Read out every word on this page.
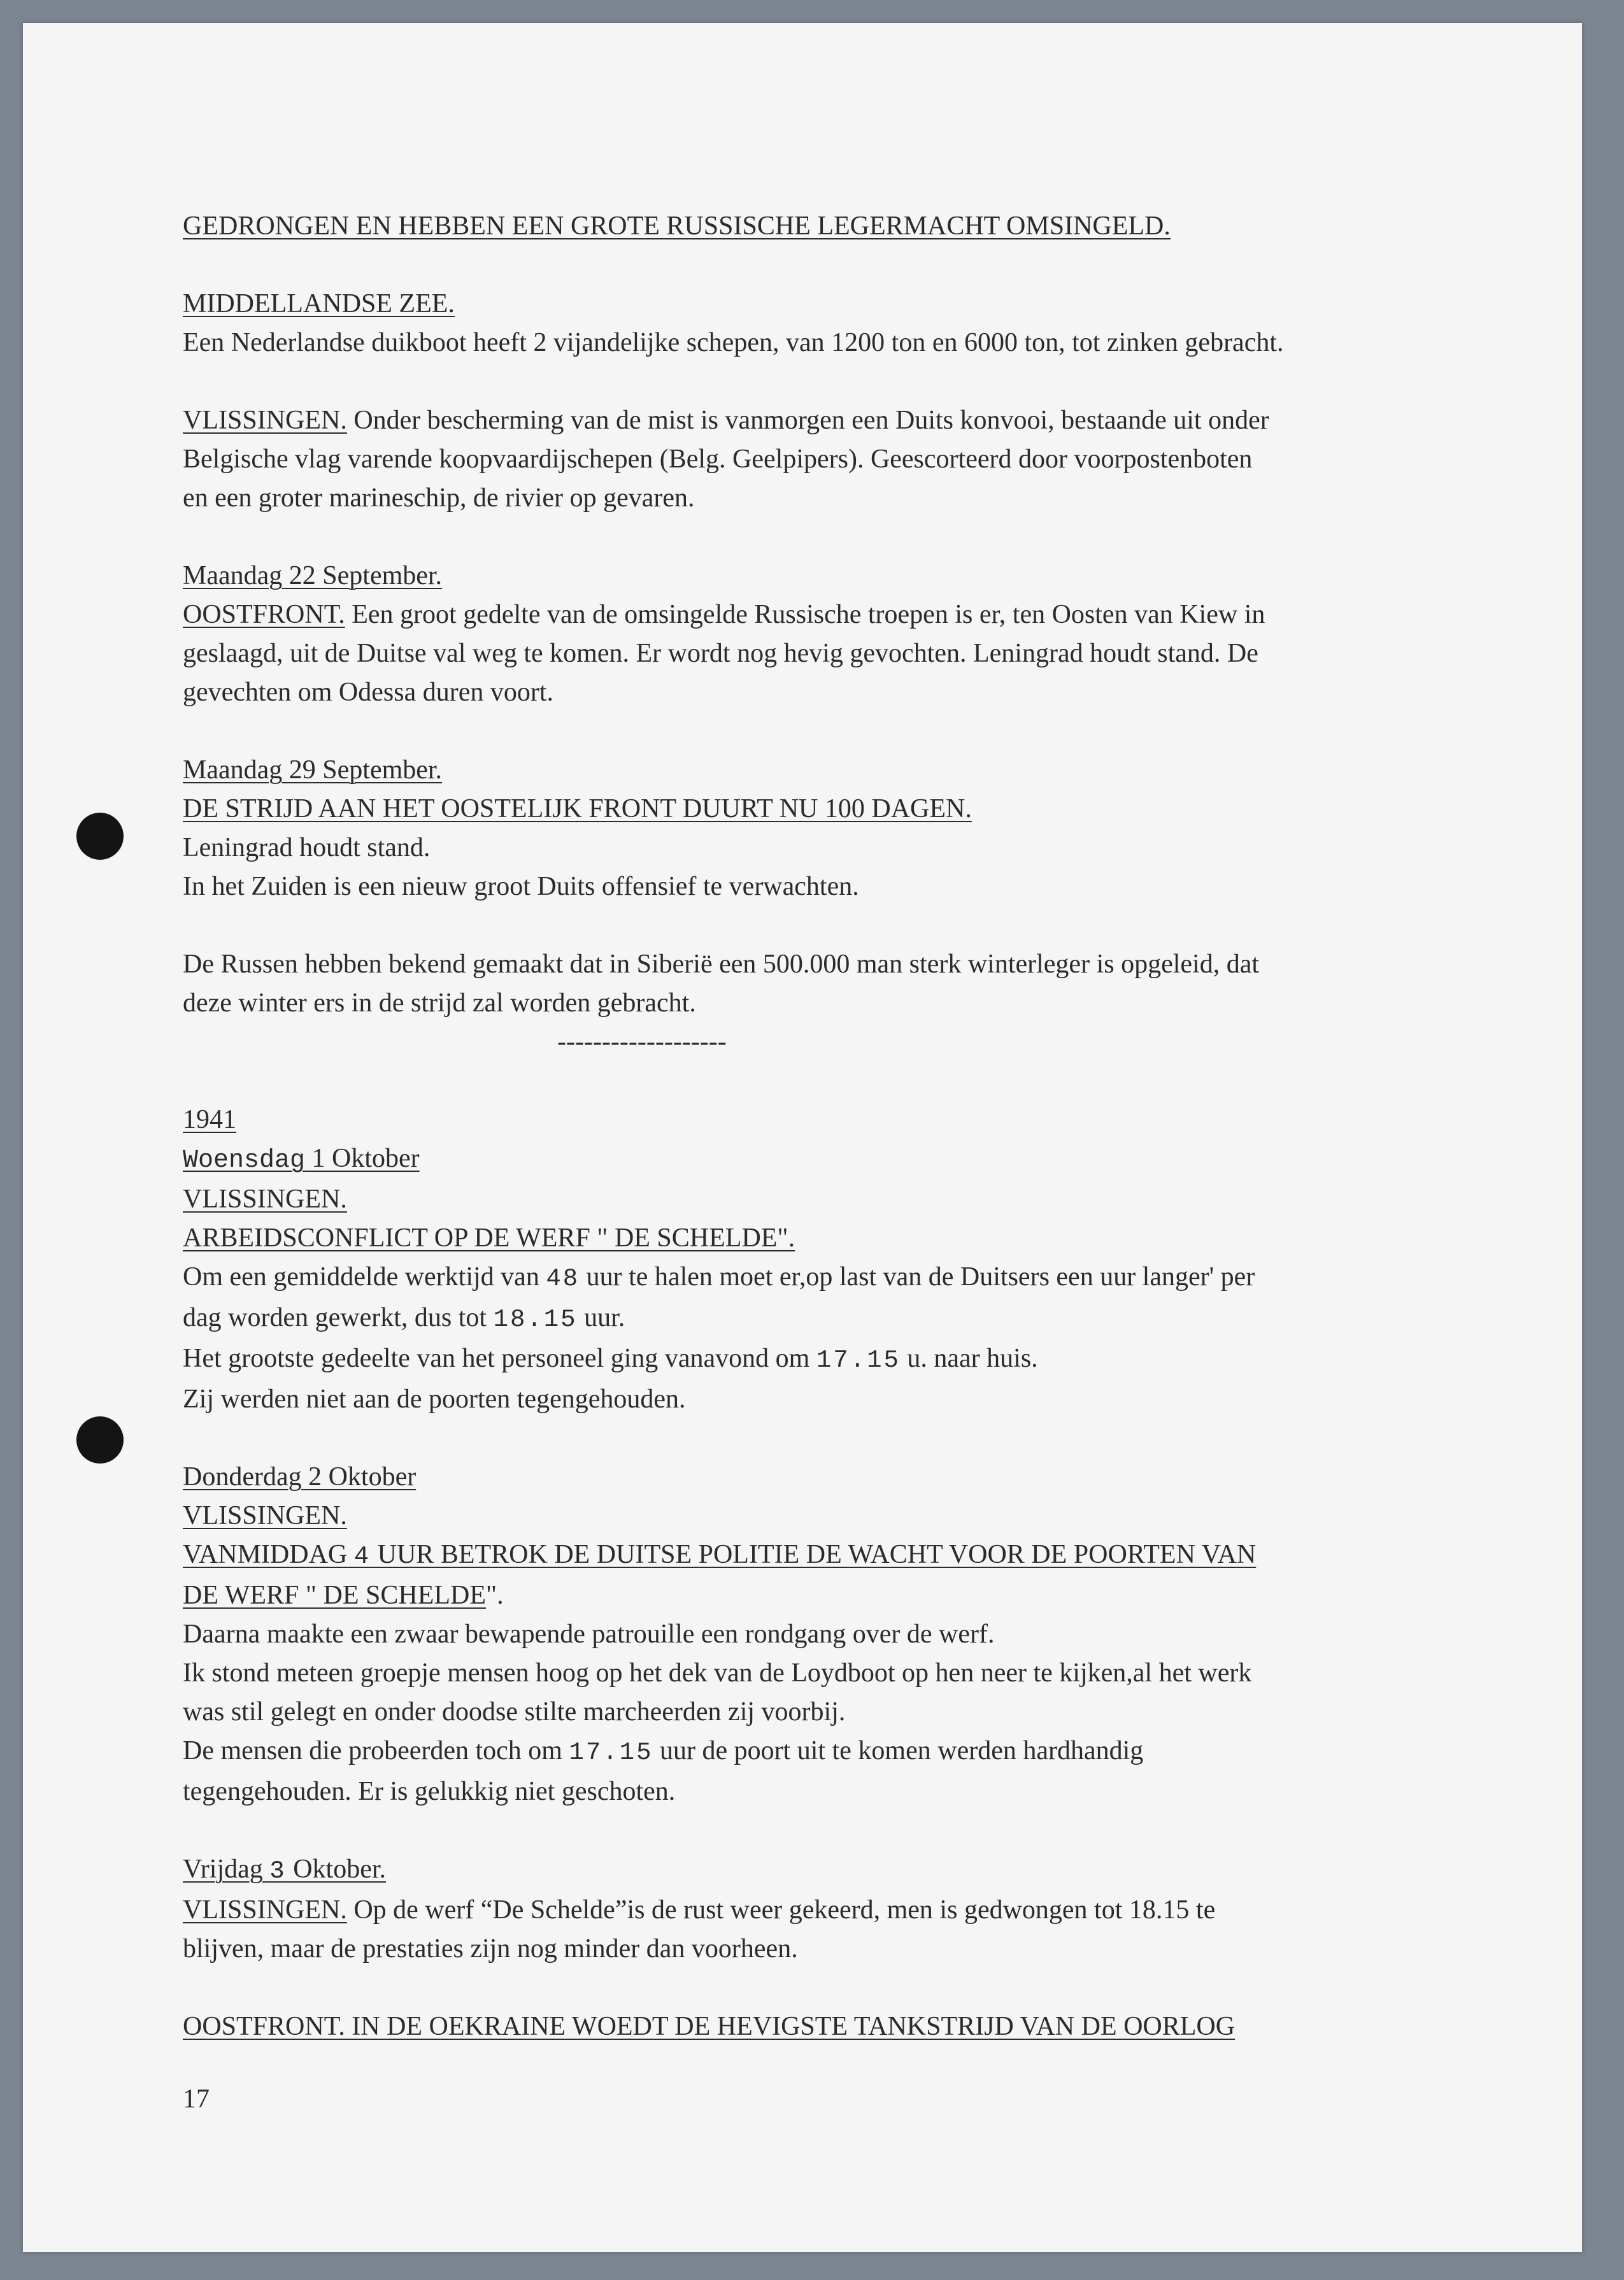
GEDRONGEN EN HEBBEN EEN GROTE RUSSISCHE LEGERMACHT OMSINGELD.

MIDDELLANDSE ZEE.

Een Nederlandse duikboot heeft 2 vijandelijke schepen, van 1200 ton en 6000 ton, tot zinken gebracht.

VLISSINGEN. Onder bescherming van de mist is vanmorgen een Duits konvooi, bestaande uit onder

Belgische vlag varende koopvaardijschepen (Belg. Geelpipers). Geescorteerd door voorpostenboten

en een groter marineschip, de rivier op gevaren.

Maandag 22 September.

OOSTFRONT. Een groot gedelte van de omsingelde Russische troepen is er, ten Oosten van Kiew in

geslaagd, uit de Duitse val weg te komen. Er wordt nog hevig gevochten. Leningrad houdt stand. De

gevechten om Odessa duren voort.

Maandag 29 September.

DE STRIJD AAN HET OOSTELIJK FRONT DUURT NU 100 DAGEN.

Leningrad houdt stand.

In het Zuiden is een nieuw groot Duits offensief te verwachten.

De Russen hebben bekend gemaakt dat in Siberië een 500.000 man sterk winterleger is opgeleid, dat

deze winter ers in de strijd zal worden gebracht.

-------------------

1941

Woensdag 1 Oktober

VLISSINGEN.

ARBEIDSCONFLICT OP DE WERF " DE SCHELDE".

Om een gemiddelde werktijd van 48 uur te halen moet er,op last van de Duitsers een uur langer' per

dag worden gewerkt, dus tot 18.15 uur.

Het grootste gedeelte van het personeel ging vanavond om 17.15 u. naar huis.

Zij werden niet aan de poorten tegengehouden.

Donderdag 2 Oktober

VLISSINGEN.

VANMIDDAG 4 UUR BETROK DE DUITSE POLITIE DE WACHT VOOR DE POORTEN VAN

DE WERF " DE SCHELDE".

Daarna maakte een zwaar bewapende patrouille een rondgang over de werf.

Ik stond meteen groepje mensen hoog op het dek van de Loydboot op hen neer te kijken,al het werk

was stil gelegt en onder doodse stilte marcheerden zij voorbij.

De mensen die probeerden toch om 17.15 uur de poort uit te komen werden hardhandig

tegengehouden. Er is gelukkig niet geschoten.

Vrijdag 3 Oktober.

VLISSINGEN. Op de werf “De Schelde”is de rust weer gekeerd, men is gedwongen tot 18.15 te

blijven, maar de prestaties zijn nog minder dan voorheen.

OOSTFRONT. IN DE OEKRAINE WOEDT DE HEVIGSTE TANKSTRIJD VAN DE OORLOG

17
